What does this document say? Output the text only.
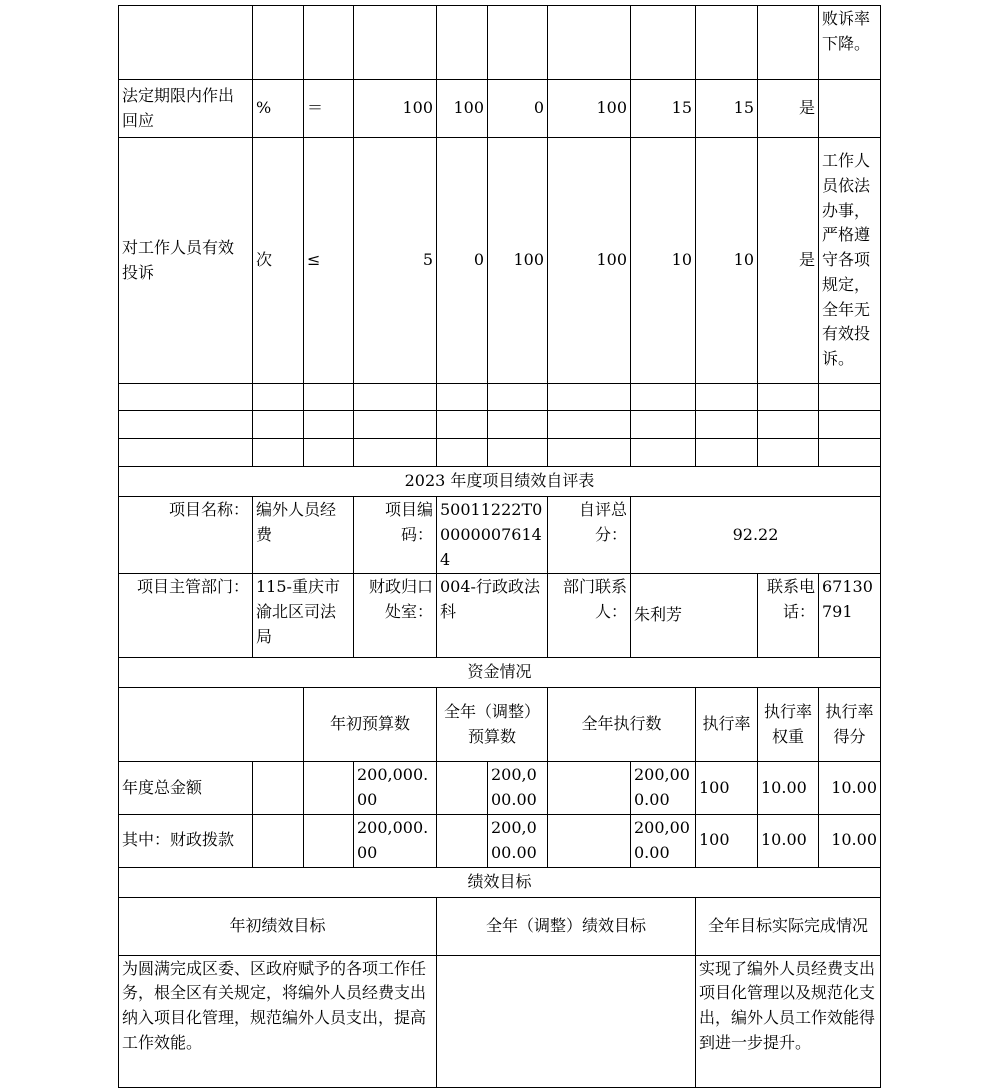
										败诉率下降。
法定期限内作出回应	%	＝	100	100	0	100	15	15	是	
对工作人员有效投诉	次	≤	5	0	100	100	10	10	是	工作人员依法办事，严格遵守各项规定，全年无有效投诉。

2023 年度项目绩效自评表										
项目名称：	编外人员经费		项目编码：	50011222T000000076144		自评总分：	92.22			
项目主管部门：	115-重庆市渝北区司法局		财政归口处室：	004-行政政法科		部门联系人：	朱利芳		联系电话：	67130791
资金情况										
		年初预算数		全年（调整）预算数		全年执行数		执行率	执行率权重	执行率得分
年度总金额			200,000.00		200,000.00		200,000.00	100	10.00	10.00
其中：财政拨款			200,000.00		200,000.00		200,000.00	100	10.00	10.00
绩效目标										
年初绩效目标				全年（调整）绩效目标				全年目标实际完成情况		
为圆满完成区委、区政府赋予的各项工作任务，根全区有关规定，将编外人员经费支出纳入项目化管理，规范编外人员支出，提高工作效能。								实现了编外人员经费支出项目化管理以及规范化支出，编外人员工作效能得到进一步提升。		
